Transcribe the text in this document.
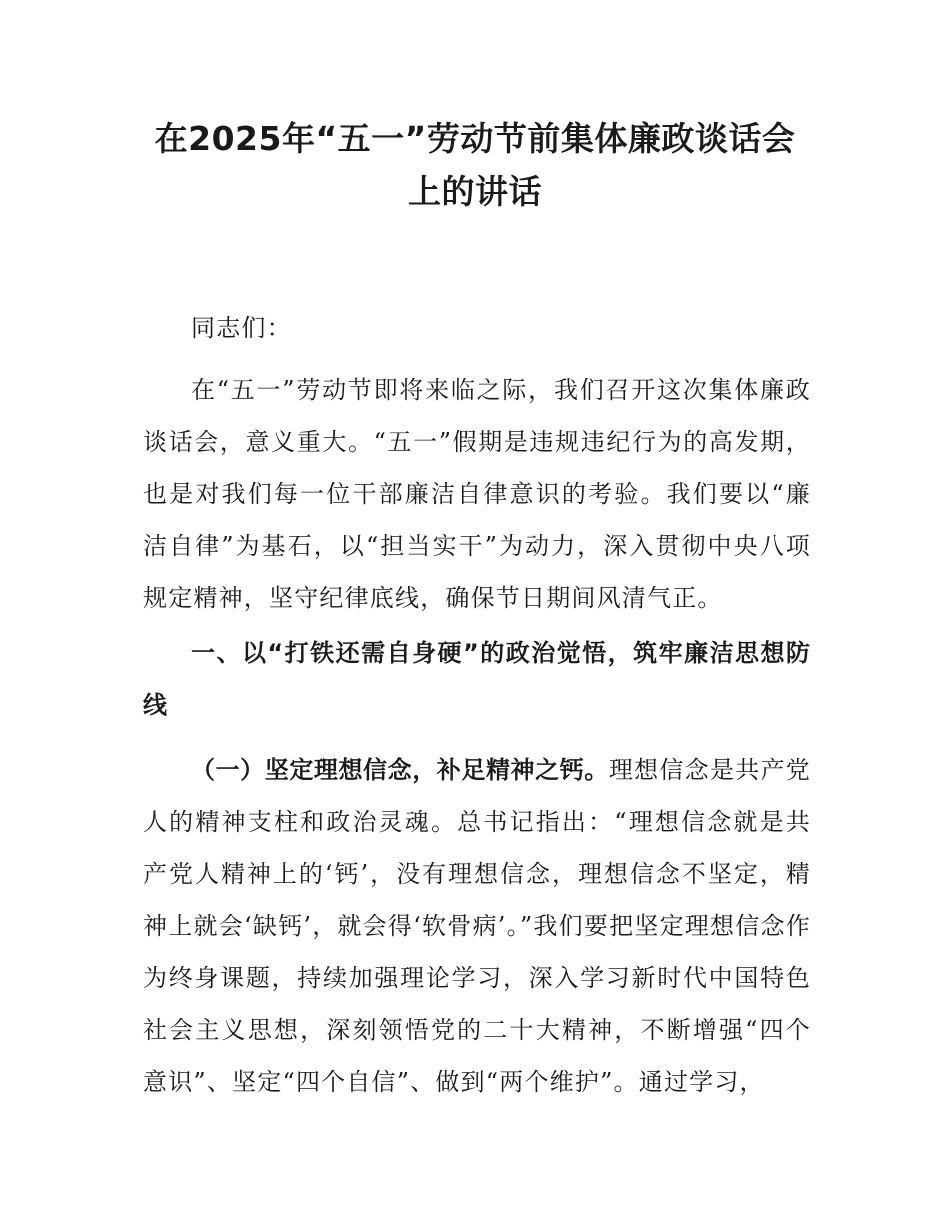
在2025年“五一”劳动节前集体廉政谈话会
上的讲话

同志们：

在“五一”劳动节即将来临之际，我们召开这次集体廉政谈话会，意义重大。“五一”假期是违规违纪行为的高发期，也是对我们每一位干部廉洁自律意识的考验。我们要以“廉洁自律”为基石，以“担当实干”为动力，深入贯彻中央八项规定精神，坚守纪律底线，确保节日期间风清气正。

一、以“打铁还需自身硬”的政治觉悟，筑牢廉洁思想防线

（一）坚定理想信念，补足精神之钙。理想信念是共产党人的精神支柱和政治灵魂。总书记指出：“理想信念就是共产党人精神上的‘钙’，没有理想信念，理想信念不坚定，精神上就会‘缺钙’，就会得‘软骨病’。”我们要把坚定理想信念作为终身课题，持续加强理论学习，深入学习新时代中国特色社会主义思想，深刻领悟党的二十大精神，不断增强“四个意识”、坚定“四个自信”、做到“两个维护”。通过学习，
